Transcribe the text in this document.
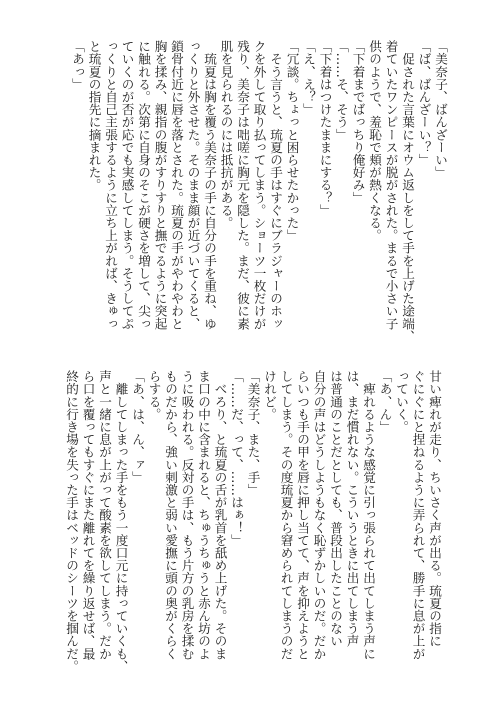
「美奈子、ばんざーい」
「ば、ばんざーい？」
　促された言葉にオウム返しをして手を上げた途端、
着ていたワンピースが脱がされた。まるで小さい子
供のようで、羞恥で頬が熱くなる。
「下着までばっちり俺好み」
「……そ、そう」
「下着はつけたままにする？」
「え、え？」
「冗談。ちょっと困らせたかった」
　そう言うと、琉夏の手はすぐにブラジャーのホッ
クを外して取り払ってしまう。ショーツ一枚だけが
残り、美奈子は咄嗟に胸元を隠した。まだ、彼に素
肌を見られるのには抵抗がある。
　琉夏は胸を覆う美奈子の手に自分の手を重ね、ゆ
っくりと外させた。そのまま顔が近づいてくると、
鎖骨付近に唇を落とされた。琉夏の手がやわやわと
胸を揉み、親指の腹がすりすりと撫でるように突起
に触れる。次第に自身のそこが硬さを増して、尖っ
ていくのが否が応でも実感してしまう。そうしてぷ
っくりと自己主張するように立ち上がれば、きゅっ
と琉夏の指先に摘まれた。
「あっ」
甘い痺れが走り、ちいさく声が出る。琉夏の指に
ぐにぐにと捏ねるように弄られて、勝手に息が上が
っていく。
「あ、ん」
　痺れるような感覚に引っ張られて出てしまう声に
は、まだ慣れない。こういうときに出てしまう声
は普通のことだとしても、普段出したことのない
自分の声はどうしようもなく恥ずかしいのだ。だか
らいつも手の甲を唇に押し当てて、声を抑えようと
してしまう。その度琉夏から窘められてしまうのだ
けれど。
「美奈子、また、手」
「……だ、って、……はぁ！」
　べろり、と琉夏の舌が乳首を舐め上げた。そのま
ま口の中に含まれると、ちゅうちゅうと赤ん坊のよ
うに吸われる。反対の手は、もう片方の乳房を揉む
ものだから、強い刺激と弱い愛撫に頭の奥がくらく
らする。
「あ、は、ん、ァ」
　離してしまった手をもう一度口元に持っていくも、
声と一緒に息が上がって酸素を欲してしまう。だか
ら口を覆ってもすぐにまた離れてを繰り返せば、最
終的に行き場を失った手はベッドのシーツを掴んだ。
